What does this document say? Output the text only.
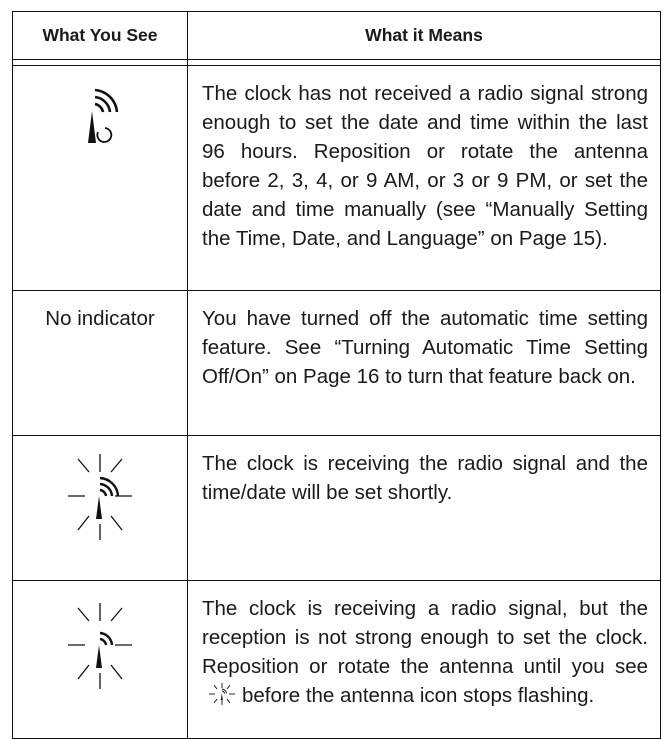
What You See	What it Means

	The clock has not received a radio signal strong enough to set the date and time within the last 96 hours. Reposition or rotate the antenna before 2, 3, 4, or 9 AM, or 3 or 9 PM, or set the date and time manually (see “Manually Setting the Time, Date, and Language” on Page 15).
No indicator	You have turned off the automatic time setting feature. See “Turning Automatic Time Setting Off/On” on Page 16 to turn that feature back on.

	The clock is receiving the radio signal and the time/date will be set shortly.

	The clock is receiving a radio signal, but the reception is not strong enough to set the clock. Reposition or rotate the antenna until you seebefore the antenna icon stops flashing.
